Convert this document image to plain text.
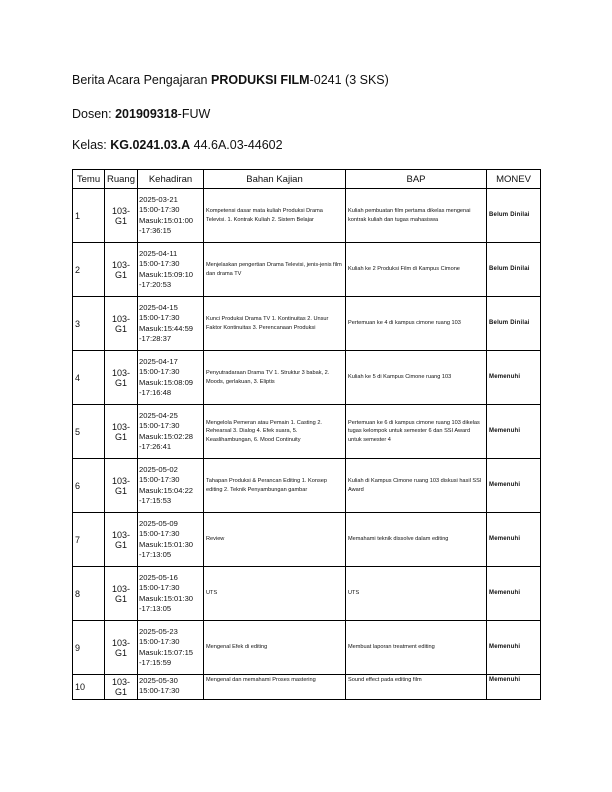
Berita Acara Pengajaran PRODUKSI FILM-0241 (3 SKS)
Dosen: 201909318-FUW
Kelas: KG.0241.03.A 44.6A.03-44602
Temu	Ruang	Kehadiran	Bahan Kajian	BAP	MONEV
1	103-G1	2025-03-21
15:00-17:30
Masuk:15:01:00
-17:36:15	Kompetensi dasar mata kuliah Produksi Drama Televisi. 1. Kontrak Kuliah 2. Sistem Belajar	Kuliah pembuatan film pertama dikelas mengenai kontrak kuliah dan tugas mahasiswa	Belum Dinilai
2	103-G1	2025-04-11
15:00-17:30
Masuk:15:09:10
-17:20:53	Menjelaskan pengertian Drama Televisi, jenis-jenis film dan drama TV	Kuliah ke 2 Produksi Film di Kampus Cimone	Belum Dinilai
3	103-G1	2025-04-15
15:00-17:30
Masuk:15:44:59
-17:28:37	Kunci Produksi Drama TV 1. Kontinuitas 2. Unsur Faktor Kontinuitas 3. Perencanaan Produksi	Pertemuan ke 4 di kampus cimone ruang 103	Belum Dinilai
4	103-G1	2025-04-17
15:00-17:30
Masuk:15:08:09
-17:16:48	Penyutradaraan Drama TV 1. Struktur 3 babak, 2. Moods, gerlakuan, 3. Eliptis	Kuliah ke 5 di Kampus Cimone ruang 103	Memenuhi
5	103-G1	2025-04-25
15:00-17:30
Masuk:15:02:28
-17:26:41	Mengelola Pemeran atau Pemain 1. Casting 2. Rehearsal 3. Dialog 4. Efek suara, 5. Keaslihambungan, 6. Mood Continuity	Pertemuan ke 6 di kampus cimone ruang 103 dikelas tugas kelompok untuk semester 6 dan SSI Award untuk semester 4	Memenuhi
6	103-G1	2025-05-02
15:00-17:30
Masuk:15:04:22
-17:15:53	Tahapan Produksi & Perancan Editing 1. Konsep editing 2. Teknik Penyambungan gambar	Kuliah di Kampus Cimone ruang 103 diskusi hasil SSI Award	Memenuhi
7	103-G1	2025-05-09
15:00-17:30
Masuk:15:01:30
-17:13:05	Review	Memahami teknik dissolve dalam editing	Memenuhi
8	103-G1	2025-05-16
15:00-17:30
Masuk:15:01:30
-17:13:05	UTS	UTS	Memenuhi
9	103-G1	2025-05-23
15:00-17:30
Masuk:15:07:15
-17:15:59	Mengenal Efek di editing	Membuat laporan treatment editing	Memenuhi
10	103-G1	2025-05-30
15:00-17:30	Mengenal dan memahami Proses mastering	Sound effect pada editing film	Memenuhi
